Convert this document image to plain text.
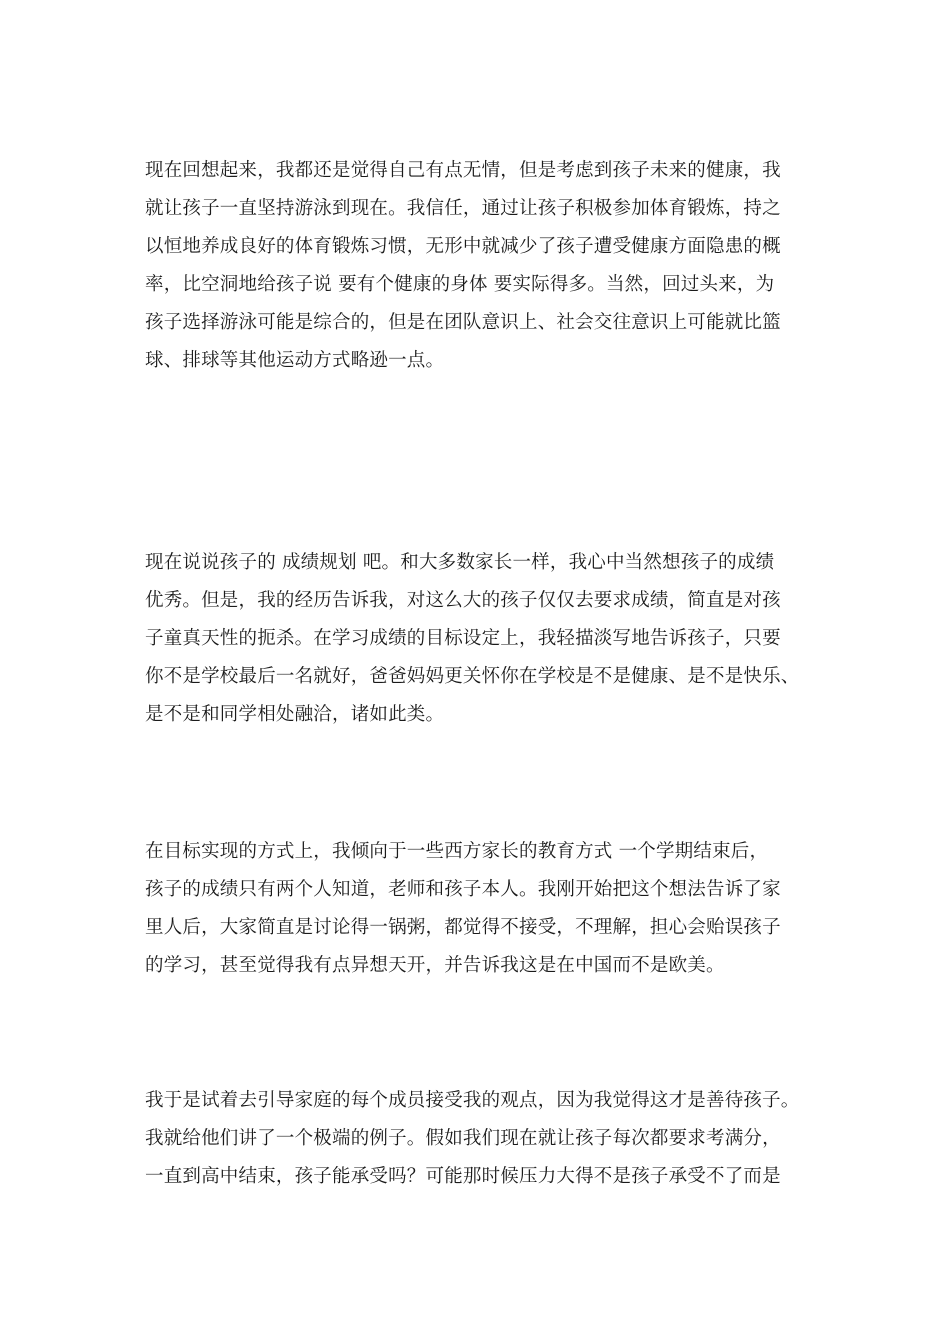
现在回想起来，我都还是觉得自己有点无情，但是考虑到孩子未来的健康，我
就让孩子一直坚持游泳到现在。我信任，通过让孩子积极参加体育锻炼，持之
以恒地养成良好的体育锻炼习惯，无形中就减少了孩子遭受健康方面隐患的概
率，比空洞地给孩子说 要有个健康的身体 要实际得多。当然，回过头来，为
孩子选择游泳可能是综合的，但是在团队意识上、社会交往意识上可能就比篮
球、排球等其他运动方式略逊一点。
现在说说孩子的 成绩规划 吧。和大多数家长一样，我心中当然想孩子的成绩
优秀。但是，我的经历告诉我，对这么大的孩子仅仅去要求成绩，简直是对孩
子童真天性的扼杀。在学习成绩的目标设定上，我轻描淡写地告诉孩子，只要
你不是学校最后一名就好，爸爸妈妈更关怀你在学校是不是健康、是不是快乐、
是不是和同学相处融洽，诸如此类。
在目标实现的方式上，我倾向于一些西方家长的教育方式 一个学期结束后，
孩子的成绩只有两个人知道，老师和孩子本人。我刚开始把这个想法告诉了家
里人后，大家简直是讨论得一锅粥，都觉得不接受，不理解，担心会贻误孩子
的学习，甚至觉得我有点异想天开，并告诉我这是在中国而不是欧美。
我于是试着去引导家庭的每个成员接受我的观点，因为我觉得这才是善待孩子。
我就给他们讲了一个极端的例子。假如我们现在就让孩子每次都要求考满分，
一直到高中结束，孩子能承受吗？可能那时候压力大得不是孩子承受不了而是
